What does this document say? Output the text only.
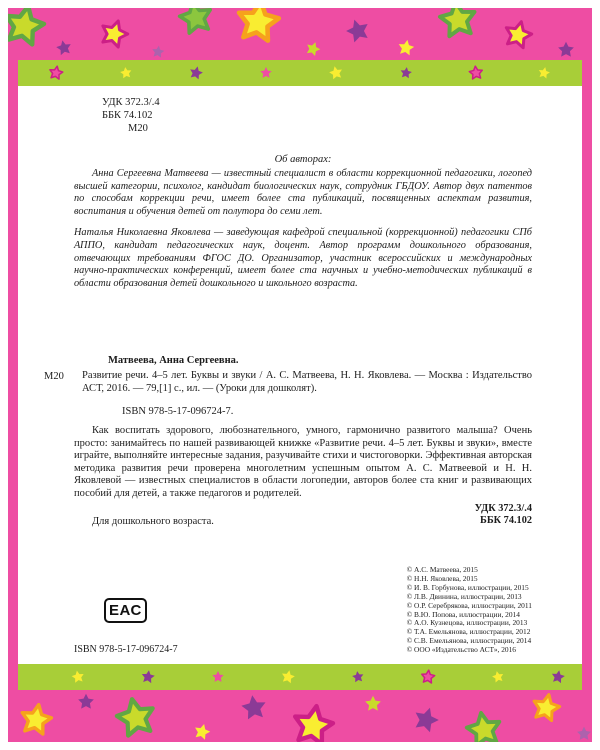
УДК 372.3/.4
ББК 74.102
М20
Об авторах:

Анна Сергеевна Матвеева — известный специалист в области коррекционной педагогики, логопед высшей категории, психолог, кандидат биологических наук, сотрудник ГБДОУ. Автор двух патентов по способам коррекции речи, имеет более ста публикаций, посвященных аспектам развития, воспитания и обучения детей от полутора до семи лет.

Наталья Николаевна Яковлева — заведующая кафедрой специальной (коррекционной) педагогики СПб АППО, кандидат педагогических наук, доцент. Автор программ дошкольного образования, отвечающих требованиям ФГОС ДО. Организатор, участник всероссийских и международных научно-практических конференций, имеет более ста научных и учебно-методических публикаций в области образования детей дошкольного и школьного возраста.

Матвеева, Анна Сергеевна.
М20	Развитие речи. 4–5 лет. Буквы и звуки / А. С. Матвеева, Н. Н. Яковлева. — Москва : Издательство АСТ, 2016. — 79,[1] с., ил. — (Уроки для дошколят).
ISBN 978-5-17-096724-7.

Как воспитать здорового, любознательного, умного, гармонично развитого малыша? Очень просто: занимайтесь по нашей развивающей книжке «Развитие речи. 4–5 лет. Буквы и звуки», вместе играйте, выполняйте интересные задания, разучивайте стихи и чистоговорки. Эффективная авторская методика развития речи проверена многолетним успешным опытом А. С. Матвеевой и Н. Н. Яковлевой — известных специалистов в области логопедии, авторов более ста книг и развивающих пособий для детей, а также педагогов и родителей.

Для дошкольного возраста.
УДК 372.3/.4
ББК 74.102
© А.С. Матвеева, 2015
© Н.Н. Яковлева, 2015
© И. В. Горбунова, иллюстрации, 2015
© Л.В. Двинина, иллюстрации, 2013
© О.Р. Серебрякова, иллюстрации, 2011
© В.Ю. Попова, иллюстрации, 2014
© А.О. Кузнецова, иллюстрации, 2013
© Т.А. Емельянова, иллюстрации, 2012
© С.В. Емельянова, иллюстрации, 2014
© ООО «Издательство АСТ», 2016
ЕАС
ISBN 978-5-17-096724-7
